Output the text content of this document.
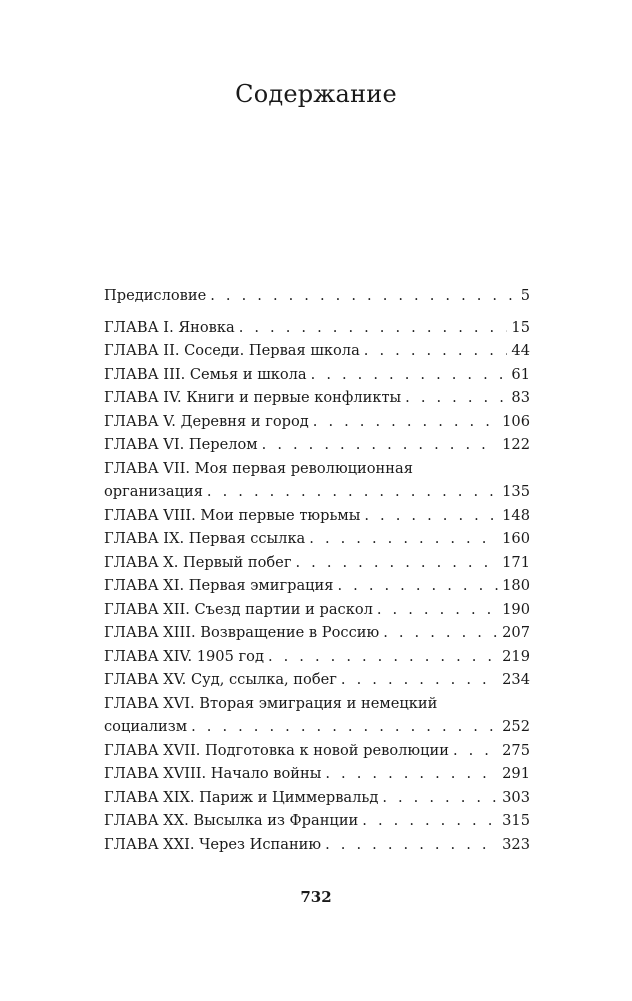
Содержание
Предисловие . . .	5
ГЛАВА I. Яновка . . .	15
ГЛАВА II. Соседи. Первая школа . . .	44
ГЛАВА III. Семья и школа . . .	61
ГЛАВА IV. Книги и первые конфликты . . .	83
ГЛАВА V. Деревня и город . . .	106
ГЛАВА VI. Перелом . . .	122
ГЛАВА VII. Моя первая революционная
организация . . .	135
ГЛАВА VIII. Мои первые тюрьмы . . .	148
ГЛАВА IX. Первая ссылка . . .	160
ГЛАВА X. Первый побег . . .	171
ГЛАВА XI. Первая эмиграция . . .	180
ГЛАВА XII. Съезд партии и раскол . . .	190
ГЛАВА XIII. Возвращение в Россию . . .	207
ГЛАВА XIV. 1905 год . . .	219
ГЛАВА XV. Суд, ссылка, побег . . .	234
ГЛАВА XVI. Вторая эмиграция и немецкий
социализм . . .	252
ГЛАВА XVII. Подготовка к новой революции . . .	275
ГЛАВА XVIII. Начало войны . . .	291
ГЛАВА XIX. Париж и Циммервальд . . .	303
ГЛАВА XX. Высылка из Франции . . .	315
ГЛАВА XXI. Через Испанию . . .	323
732
